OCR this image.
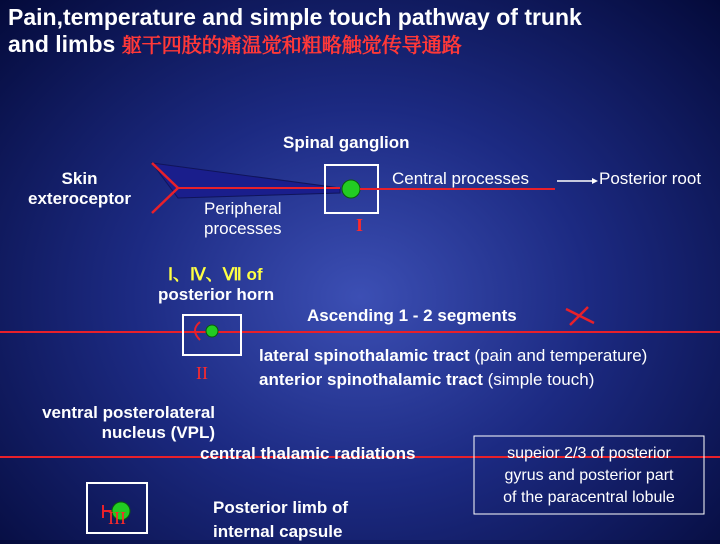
Pain,temperature and simple touch pathway of trunk
and limbs 躯干四肢的痛温觉和粗略触觉传导通路
Spinal ganglion
Skin
exteroceptor
Central processes	Posterior root
Peripheral
processes	I
Ⅰ、Ⅳ、Ⅶ of
posterior horn
Ascending 1 - 2 segments
II
lateral spinothalamic tract (pain and temperature)
anterior spinothalamic tract (simple touch)
ventral posterolateral
nucleus (VPL)
central thalamic radiations
III
Posterior limb of
internal capsule
supeior 2/3 of posterior
gyrus and posterior part
of the paracentral lobule
